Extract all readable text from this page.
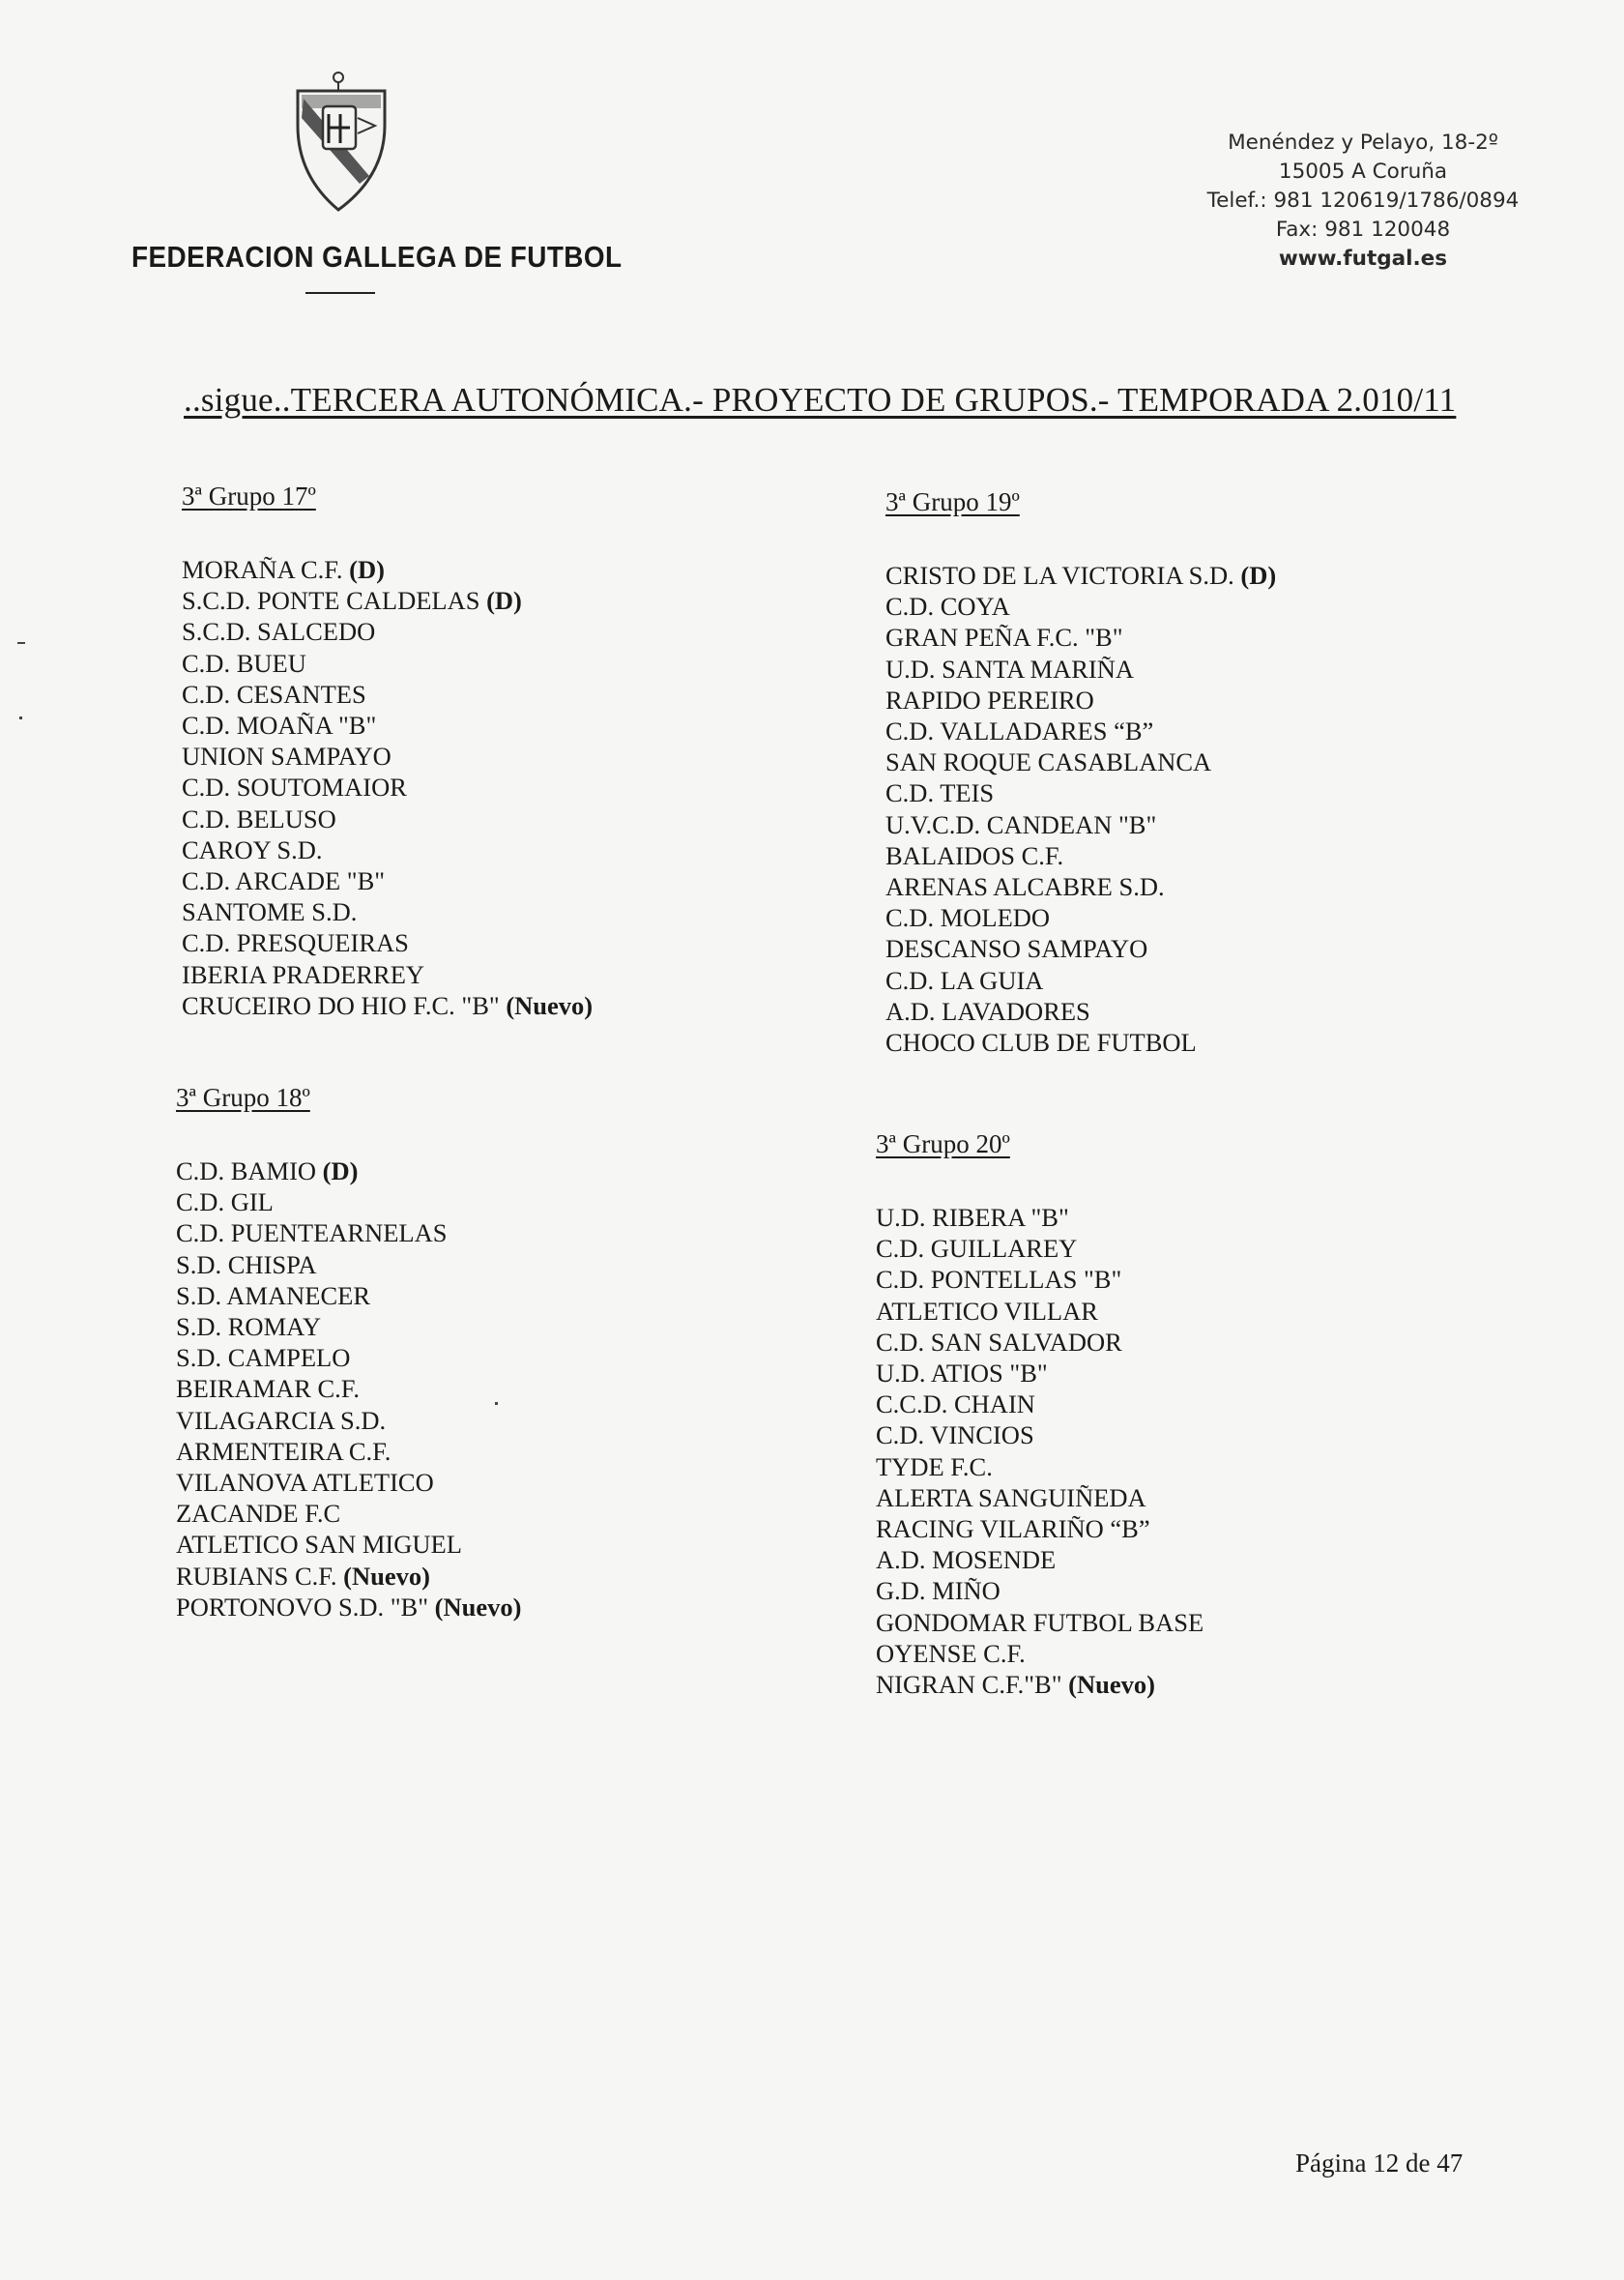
FEDERACION GALLEGA DE FUTBOL
Menéndez y Pelayo, 18-2º
15005 A Coruña
Telef.: 981 120619/1786/0894
Fax: 981 120048
www.futgal.es
..sigue..TERCERA AUTONÓMICA.- PROYECTO DE GRUPOS.- TEMPORADA 2.010/11
3ª Grupo 17º
MORAÑA C.F. (D)
S.C.D. PONTE CALDELAS (D)
S.C.D. SALCEDO
C.D. BUEU
C.D. CESANTES
C.D. MOAÑA "B"
UNION SAMPAYO
C.D. SOUTOMAIOR
C.D. BELUSO
CAROY S.D.
C.D. ARCADE "B"
SANTOME S.D.
C.D. PRESQUEIRAS
IBERIA PRADERREY
CRUCEIRO DO HIO F.C. "B" (Nuevo)
3ª Grupo 18º
C.D. BAMIO (D)
C.D. GIL
C.D. PUENTEARNELAS
S.D. CHISPA
S.D. AMANECER
S.D. ROMAY
S.D. CAMPELO
BEIRAMAR C.F.
VILAGARCIA S.D.
ARMENTEIRA C.F.
VILANOVA ATLETICO
ZACANDE F.C
ATLETICO SAN MIGUEL
RUBIANS C.F. (Nuevo)
PORTONOVO S.D. "B" (Nuevo)
3ª Grupo 19º
CRISTO DE LA VICTORIA S.D. (D)
C.D. COYA
GRAN PEÑA F.C. "B"
U.D. SANTA MARIÑA
RAPIDO PEREIRO
C.D. VALLADARES “B”
SAN ROQUE CASABLANCA
C.D. TEIS
U.V.C.D. CANDEAN "B"
BALAIDOS C.F.
ARENAS ALCABRE S.D.
C.D. MOLEDO
DESCANSO SAMPAYO
C.D. LA GUIA
A.D. LAVADORES
CHOCO CLUB DE FUTBOL
3ª Grupo 20º
U.D. RIBERA "B"
C.D. GUILLAREY
C.D. PONTELLAS "B"
ATLETICO VILLAR
C.D. SAN SALVADOR
U.D. ATIOS "B"
C.C.D. CHAIN
C.D. VINCIOS
TYDE F.C.
ALERTA SANGUIÑEDA
RACING VILARIÑO “B”
A.D. MOSENDE
G.D. MIÑO
GONDOMAR FUTBOL BASE
OYENSE C.F.
NIGRAN C.F."B" (Nuevo)
Página 12 de 47
